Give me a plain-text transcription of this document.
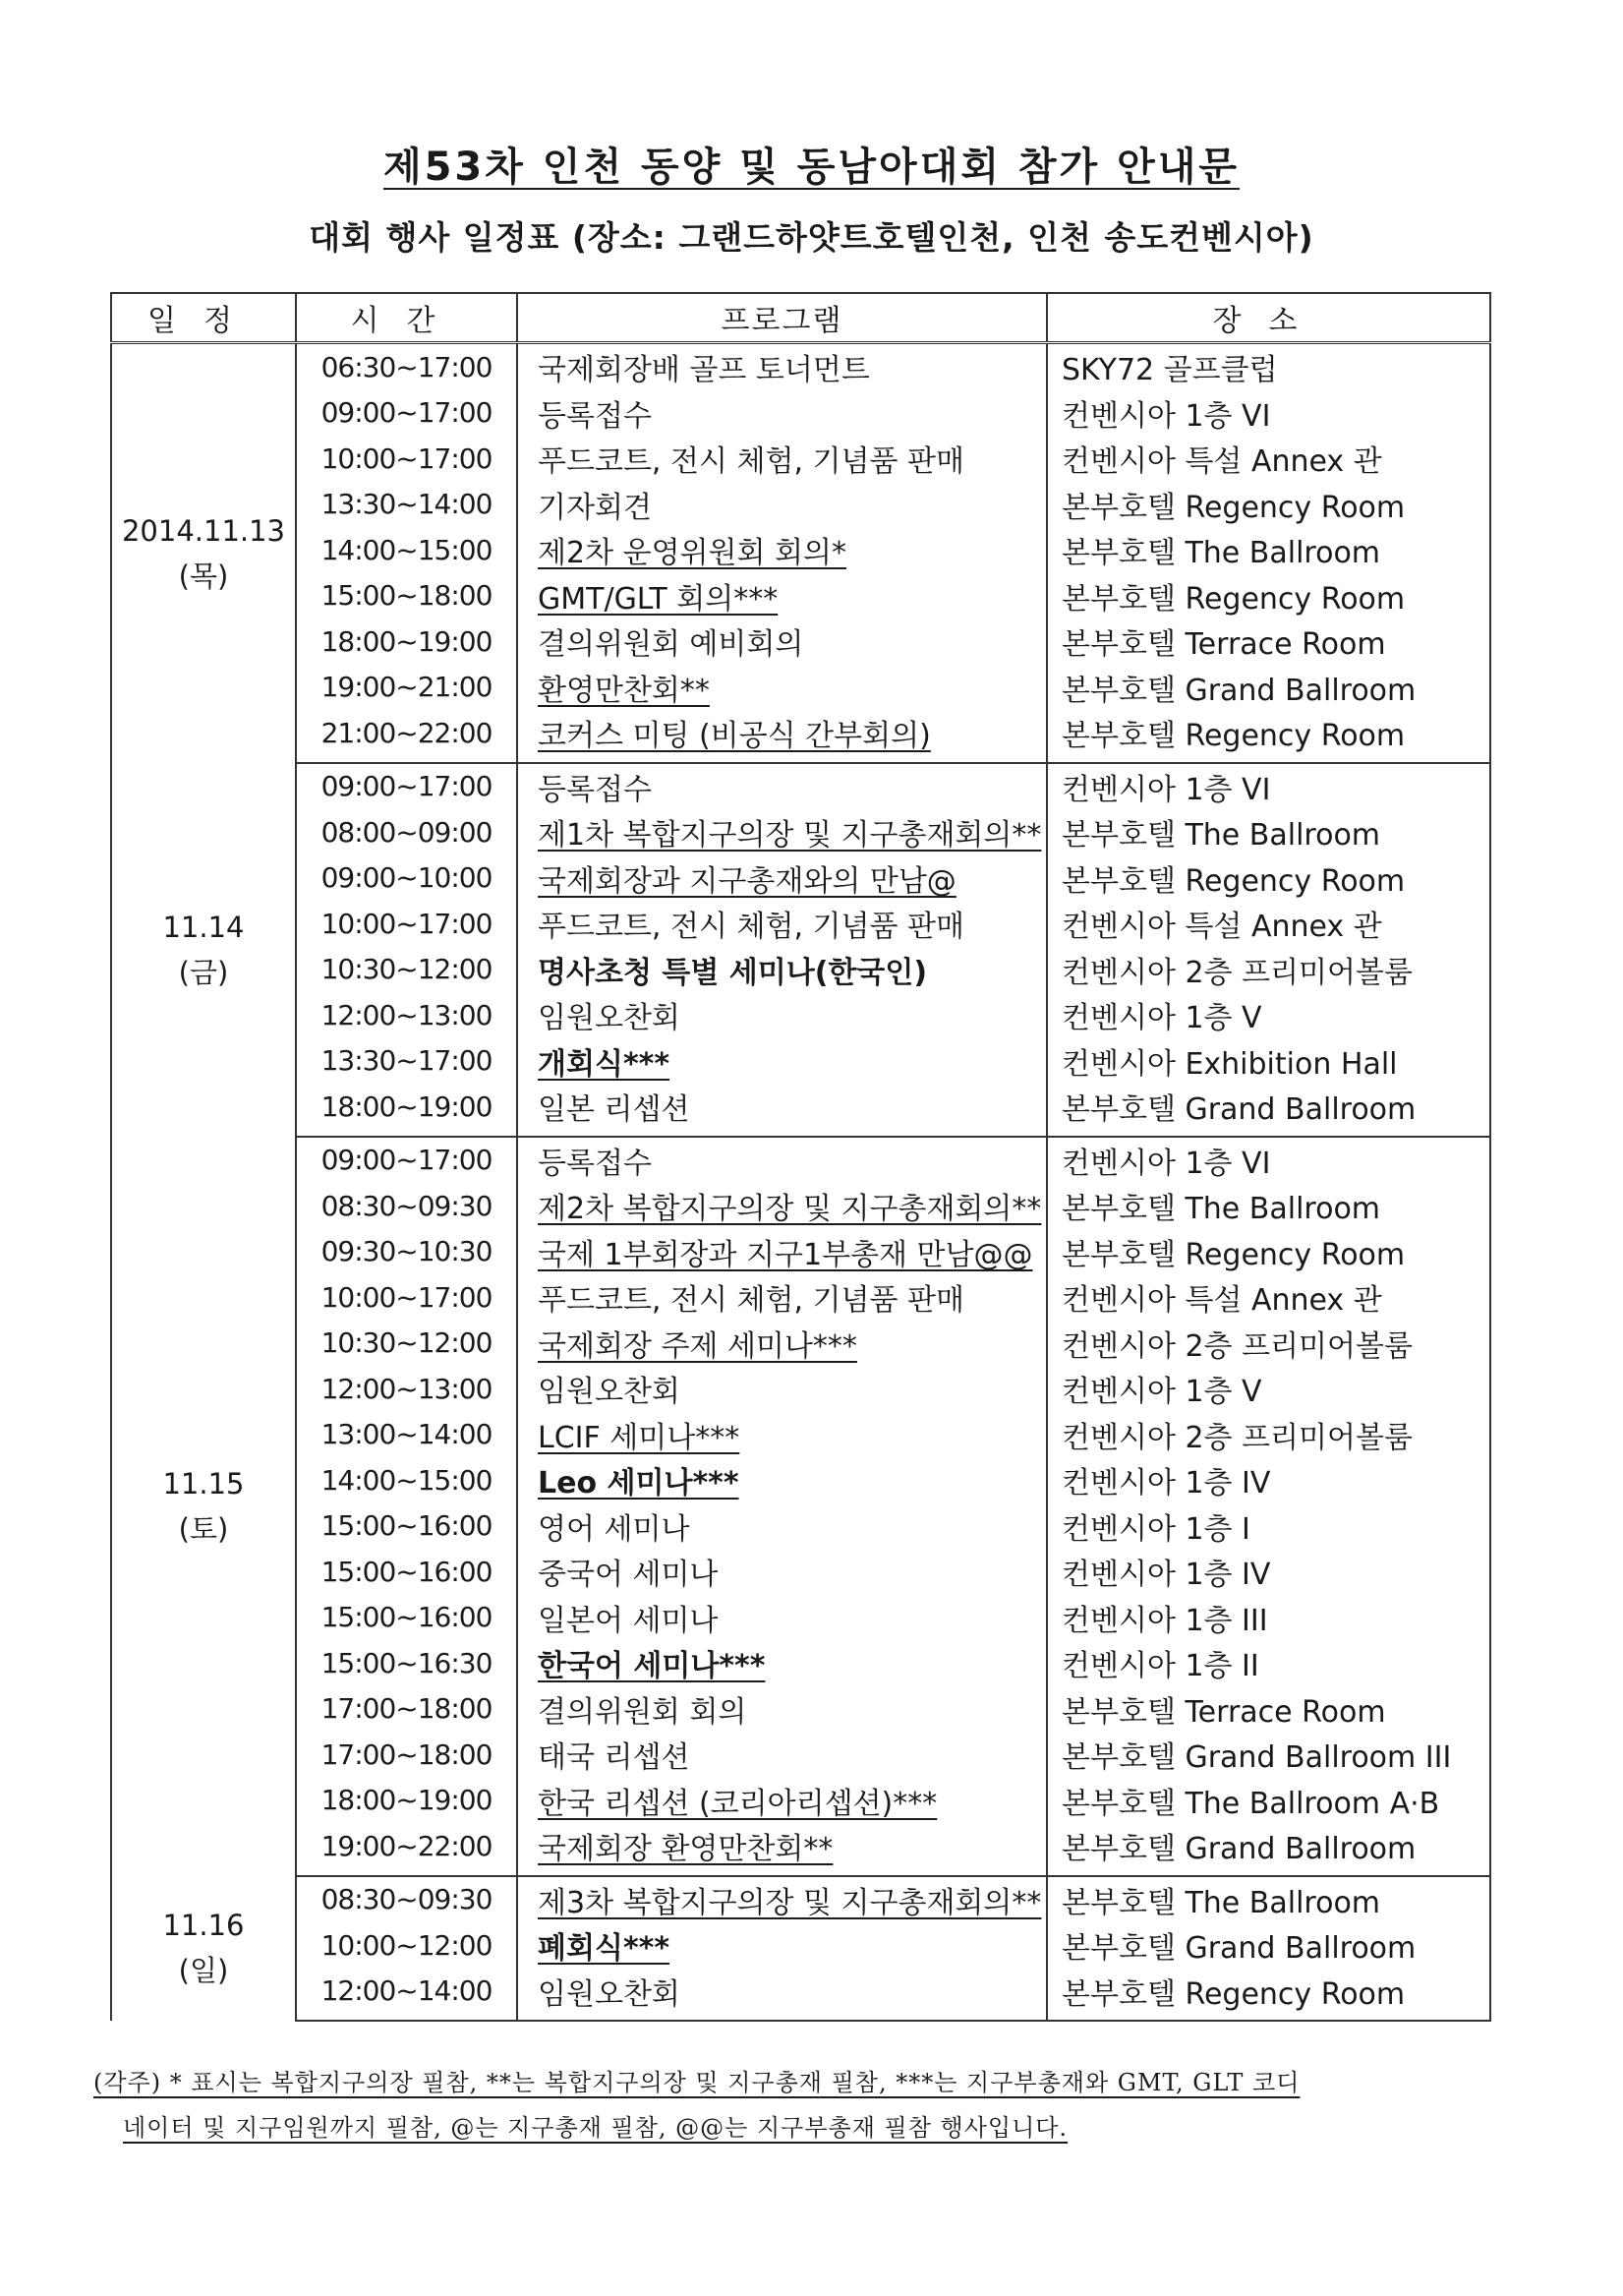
제53차 인천 동양 및 동남아대회 참가 안내문
대회 행사 일정표 (장소: 그랜드하얏트호텔인천, 인천 송도컨벤시아)
일정	시간	프로그램	장소

2014.11.13
(목)	06:30~17:00	국제회장배 골프 토너먼트	SKY72 골프클럽
	09:00~17:00	등록접수	컨벤시아 1층 VI
	10:00~17:00	푸드코트, 전시 체험, 기념품 판매	컨벤시아 특설 Annex 관
	13:30~14:00	기자회견	본부호텔 Regency Room
	14:00~15:00	제2차 운영위원회 회의*	본부호텔 The Ballroom
	15:00~18:00	GMT/GLT 회의***	본부호텔 Regency Room
	18:00~19:00	결의위원회 예비회의	본부호텔 Terrace Room
	19:00~21:00	환영만찬회**	본부호텔 Grand Ballroom
	21:00~22:00	코커스 미팅 (비공식 간부회의)	본부호텔 Regency Room

11.14
(금)	09:00~17:00	등록접수	컨벤시아 1층 VI
	08:00~09:00	제1차 복합지구의장 및 지구총재회의**	본부호텔 The Ballroom
	09:00~10:00	국제회장과 지구총재와의 만남@	본부호텔 Regency Room
	10:00~17:00	푸드코트, 전시 체험, 기념품 판매	컨벤시아 특설 Annex 관
	10:30~12:00	명사초청 특별 세미나(한국인)	컨벤시아 2층 프리미어볼룸
	12:00~13:00	임원오찬회	컨벤시아 1층 V
	13:30~17:00	개회식***	컨벤시아 Exhibition Hall
	18:00~19:00	일본 리셉션	본부호텔 Grand Ballroom

11.15
(토)	09:00~17:00	등록접수	컨벤시아 1층 VI
	08:30~09:30	제2차 복합지구의장 및 지구총재회의**	본부호텔 The Ballroom
	09:30~10:30	국제 1부회장과 지구1부총재 만남@@	본부호텔 Regency Room
	10:00~17:00	푸드코트, 전시 체험, 기념품 판매	컨벤시아 특설 Annex 관
	10:30~12:00	국제회장 주제 세미나***	컨벤시아 2층 프리미어볼룸
	12:00~13:00	임원오찬회	컨벤시아 1층 V
	13:00~14:00	LCIF 세미나***	컨벤시아 2층 프리미어볼룸
	14:00~15:00	Leo 세미나***	컨벤시아 1층 IV
	15:00~16:00	영어 세미나	컨벤시아 1층 I
	15:00~16:00	중국어 세미나	컨벤시아 1층 IV
	15:00~16:00	일본어 세미나	컨벤시아 1층 III
	15:00~16:30	한국어 세미나***	컨벤시아 1층 II
	17:00~18:00	결의위원회 회의	본부호텔 Terrace Room
	17:00~18:00	태국 리셉션	본부호텔 Grand Ballroom III
	18:00~19:00	한국 리셉션 (코리아리셉션)***	본부호텔 The Ballroom A·B
	19:00~22:00	국제회장 환영만찬회**	본부호텔 Grand Ballroom

11.16
(일)	08:30~09:30	제3차 복합지구의장 및 지구총재회의**	본부호텔 The Ballroom
	10:00~12:00	폐회식***	본부호텔 Grand Ballroom
	12:00~14:00	임원오찬회	본부호텔 Regency Room
(각주) * 표시는 복합지구의장 필참, **는 복합지구의장 및 지구총재 필참, ***는 지구부총재와 GMT, GLT 코디
네이터 및 지구임원까지 필참, @는 지구총재 필참, @@는 지구부총재 필참 행사입니다.
